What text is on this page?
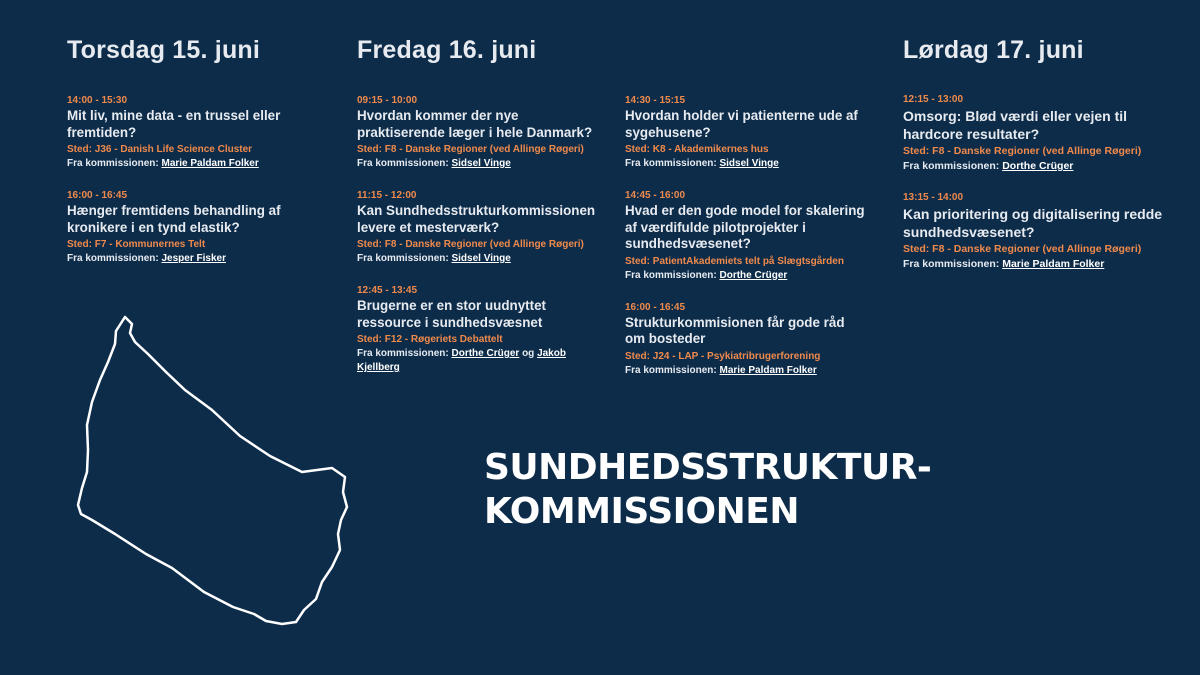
Torsdag 15. juni	Fredag 16. juni	Lørdag 17. juni
14:00 - 15:30
Mit liv, mine data - en trussel eller fremtiden?
Sted: J36 - Danish Life Science Cluster
Fra kommissionen: Marie Paldam Folker
16:00 - 16:45
Hænger fremtidens behandling af kronikere i en tynd elastik?
Sted: F7 - Kommunernes Telt
Fra kommissionen: Jesper Fisker
09:15 - 10:00
Hvordan kommer der nye praktiserende læger i hele Danmark?
Sted: F8 - Danske Regioner (ved Allinge Røgeri)
Fra kommissionen: Sidsel Vinge
11:15 - 12:00
Kan Sundhedsstrukturkommissionen levere et mesterværk?
Sted: F8 - Danske Regioner (ved Allinge Røgeri)
Fra kommissionen: Sidsel Vinge
12:45 - 13:45
Brugerne er en stor uudnyttet ressource i sundhedsvæsnet
Sted: F12 - Røgeriets Debattelt
Fra kommissionen: Dorthe Crüger og Jakob Kjellberg
14:30 - 15:15
Hvordan holder vi patienterne ude af sygehusene?
Sted: K8 - Akademikernes hus
Fra kommissionen: Sidsel Vinge
14:45 - 16:00
Hvad er den gode model for skalering af værdifulde pilotprojekter i sundhedsvæsenet?
Sted: PatientAkademiets telt på Slægtsgården
Fra kommissionen: Dorthe Crüger
16:00 - 16:45
Strukturkommisionen får gode råd om bosteder
Sted: J24 - LAP - Psykiatribrugerforening
Fra kommissionen: Marie Paldam Folker
12:15 - 13:00
Omsorg: Blød værdi eller vejen til hardcore resultater?
Sted: F8 - Danske Regioner (ved Allinge Røgeri)
Fra kommissionen: Dorthe Crüger
13:15 - 14:00
Kan prioritering og digitalisering redde sundhedsvæsenet?
Sted: F8 - Danske Regioner (ved Allinge Røgeri)
Fra kommissionen: Marie Paldam Folker
SUNDHEDSSTRUKTUR-
KOMMISSIONEN
